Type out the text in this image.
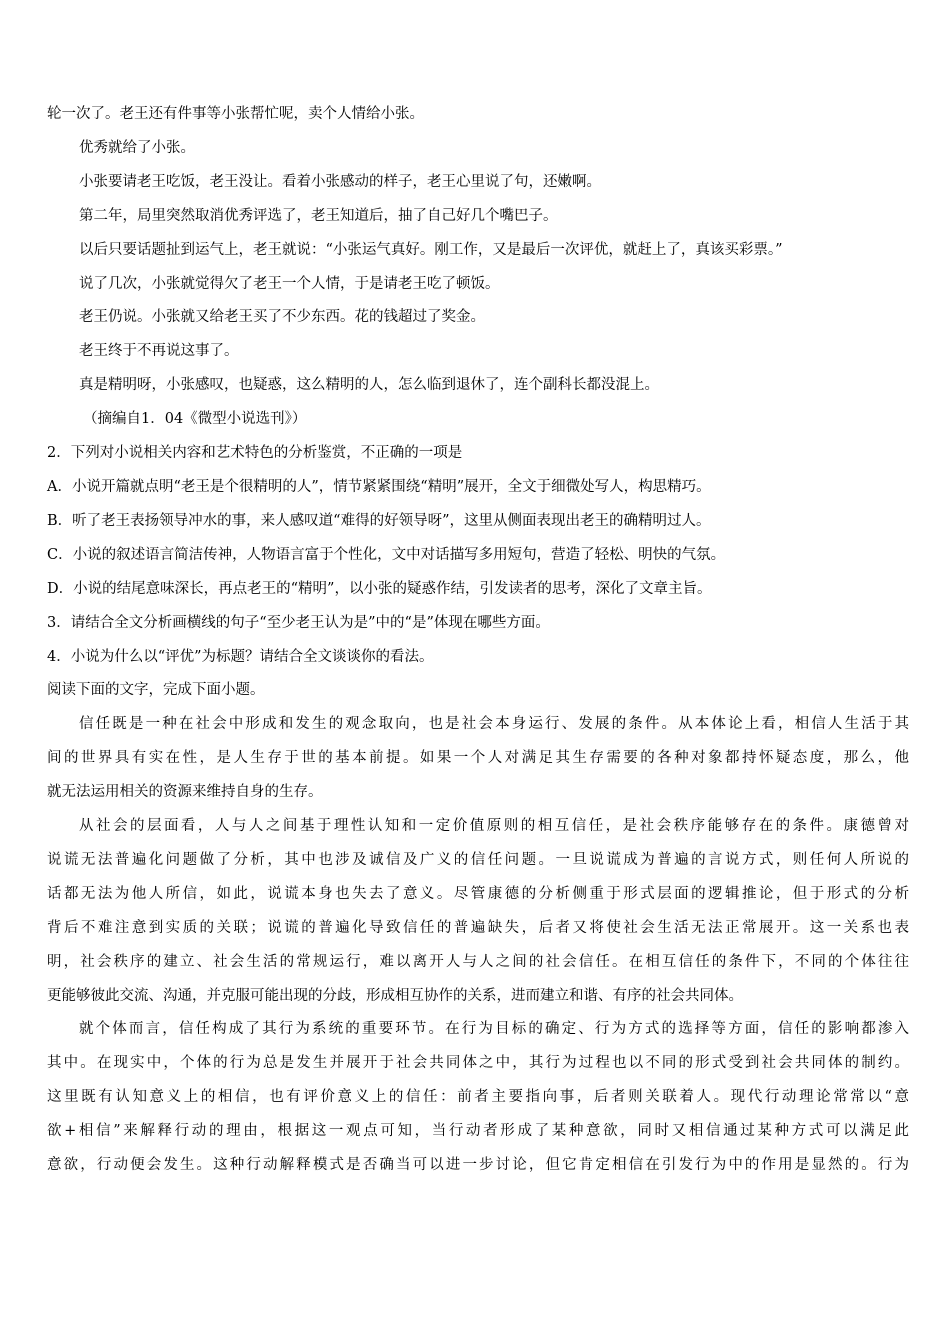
轮一次了。老王还有件事等小张帮忙呢，卖个人情给小张。
优秀就给了小张。
小张要请老王吃饭，老王没让。看着小张感动的样子，老王心里说了句，还嫩啊。
第二年，局里突然取消优秀评选了，老王知道后，抽了自己好几个嘴巴子。
以后只要话题扯到运气上，老王就说：“小张运气真好。刚工作，又是最后一次评优，就赶上了，真该买彩票。”
说了几次，小张就觉得欠了老王一个人情，于是请老王吃了顿饭。
老王仍说。小张就又给老王买了不少东西。花的钱超过了奖金。
老王终于不再说这事了。
真是精明呀，小张感叹，也疑惑，这么精明的人，怎么临到退休了，连个副科长都没混上。
（摘编自1．04《微型小说选刊》）
2．下列对小说相关内容和艺术特色的分析鉴赏，不正确的一项是
A．小说开篇就点明“老王是个很精明的人”，情节紧紧围绕“精明”展开，全文于细微处写人，构思精巧。
B．听了老王表扬领导冲水的事，来人感叹道“难得的好领导呀”，这里从侧面表现出老王的确精明过人。
C．小说的叙述语言简洁传神，人物语言富于个性化，文中对话描写多用短句，营造了轻松、明快的气氛。
D．小说的结尾意味深长，再点老王的“精明”，以小张的疑惑作结，引发读者的思考，深化了文章主旨。
3．请结合全文分析画横线的句子“至少老王认为是”中的“是”体现在哪些方面。
4．小说为什么以“评优”为标题？请结合全文谈谈你的看法。
阅读下面的文字，完成下面小题。
信任既是一种在社会中形成和发生的观念取向，也是社会本身运行、发展的条件。从本体论上看，相信人生活于其
间的世界具有实在性，是人生存于世的基本前提。如果一个人对满足其生存需要的各种对象都持怀疑态度，那么，他
就无法运用相关的资源来维持自身的生存。
从社会的层面看，人与人之间基于理性认知和一定价值原则的相互信任，是社会秩序能够存在的条件。康德曾对
说谎无法普遍化问题做了分析，其中也涉及诚信及广义的信任问题。一旦说谎成为普遍的言说方式，则任何人所说的
话都无法为他人所信，如此，说谎本身也失去了意义。尽管康德的分析侧重于形式层面的逻辑推论，但于形式的分析
背后不难注意到实质的关联；说谎的普遍化导致信任的普遍缺失，后者又将使社会生活无法正常展开。这一关系也表
明，社会秩序的建立、社会生活的常规运行，难以离开人与人之间的社会信任。在相互信任的条件下，不同的个体往往
更能够彼此交流、沟通，并克服可能出现的分歧，形成相互协作的关系，进而建立和谐、有序的社会共同体。
就个体而言，信任构成了其行为系统的重要环节。在行为目标的确定、行为方式的选择等方面，信任的影响都渗入
其中。在现实中，个体的行为总是发生并展开于社会共同体之中，其行为过程也以不同的形式受到社会共同体的制约。
这里既有认知意义上的相信，也有评价意义上的信任：前者主要指向事，后者则关联着人。现代行动理论常常以“意
欲+相信”来解释行动的理由，根据这一观点可知，当行动者形成了某种意欲，同时又相信通过某种方式可以满足此
意欲，行动便会发生。这种行动解释模式是否确当可以进一步讨论，但它肯定相信在引发行为中的作用是显然的。行为
